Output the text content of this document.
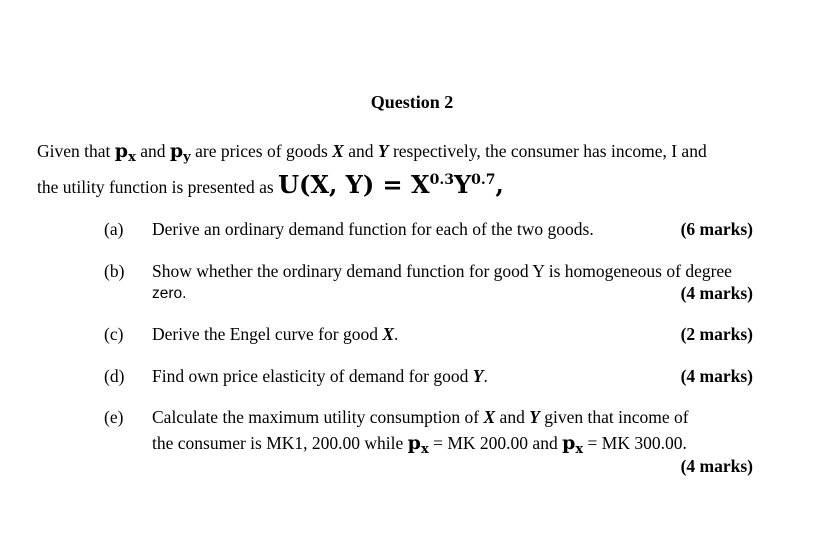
Question 2
Given that $p_x$ and $p_y$ are prices of goods X and Y respectively, the consumer has income, I and
the utility function is presented as U(X, $Y) = X^{0.3}Y^{0.7}$,
(a) Derive an ordinary demand function for each of the two goods.	(6 marks)
(b) Show whether the ordinary demand function for good Y is homogeneous of degree
zero.	(4 marks)
(c) Derive the Engel curve for good X.	(2 marks)
(d) Find own price elasticity of demand for good Y.	(4 marks)
(e) Calculate the maximum utility consumption of X and Y given that income of
the consumer is MK1, 200.00 while $p_x$ = MK 200.00 and $p_x$ = MK 300.00.
(4 marks)
